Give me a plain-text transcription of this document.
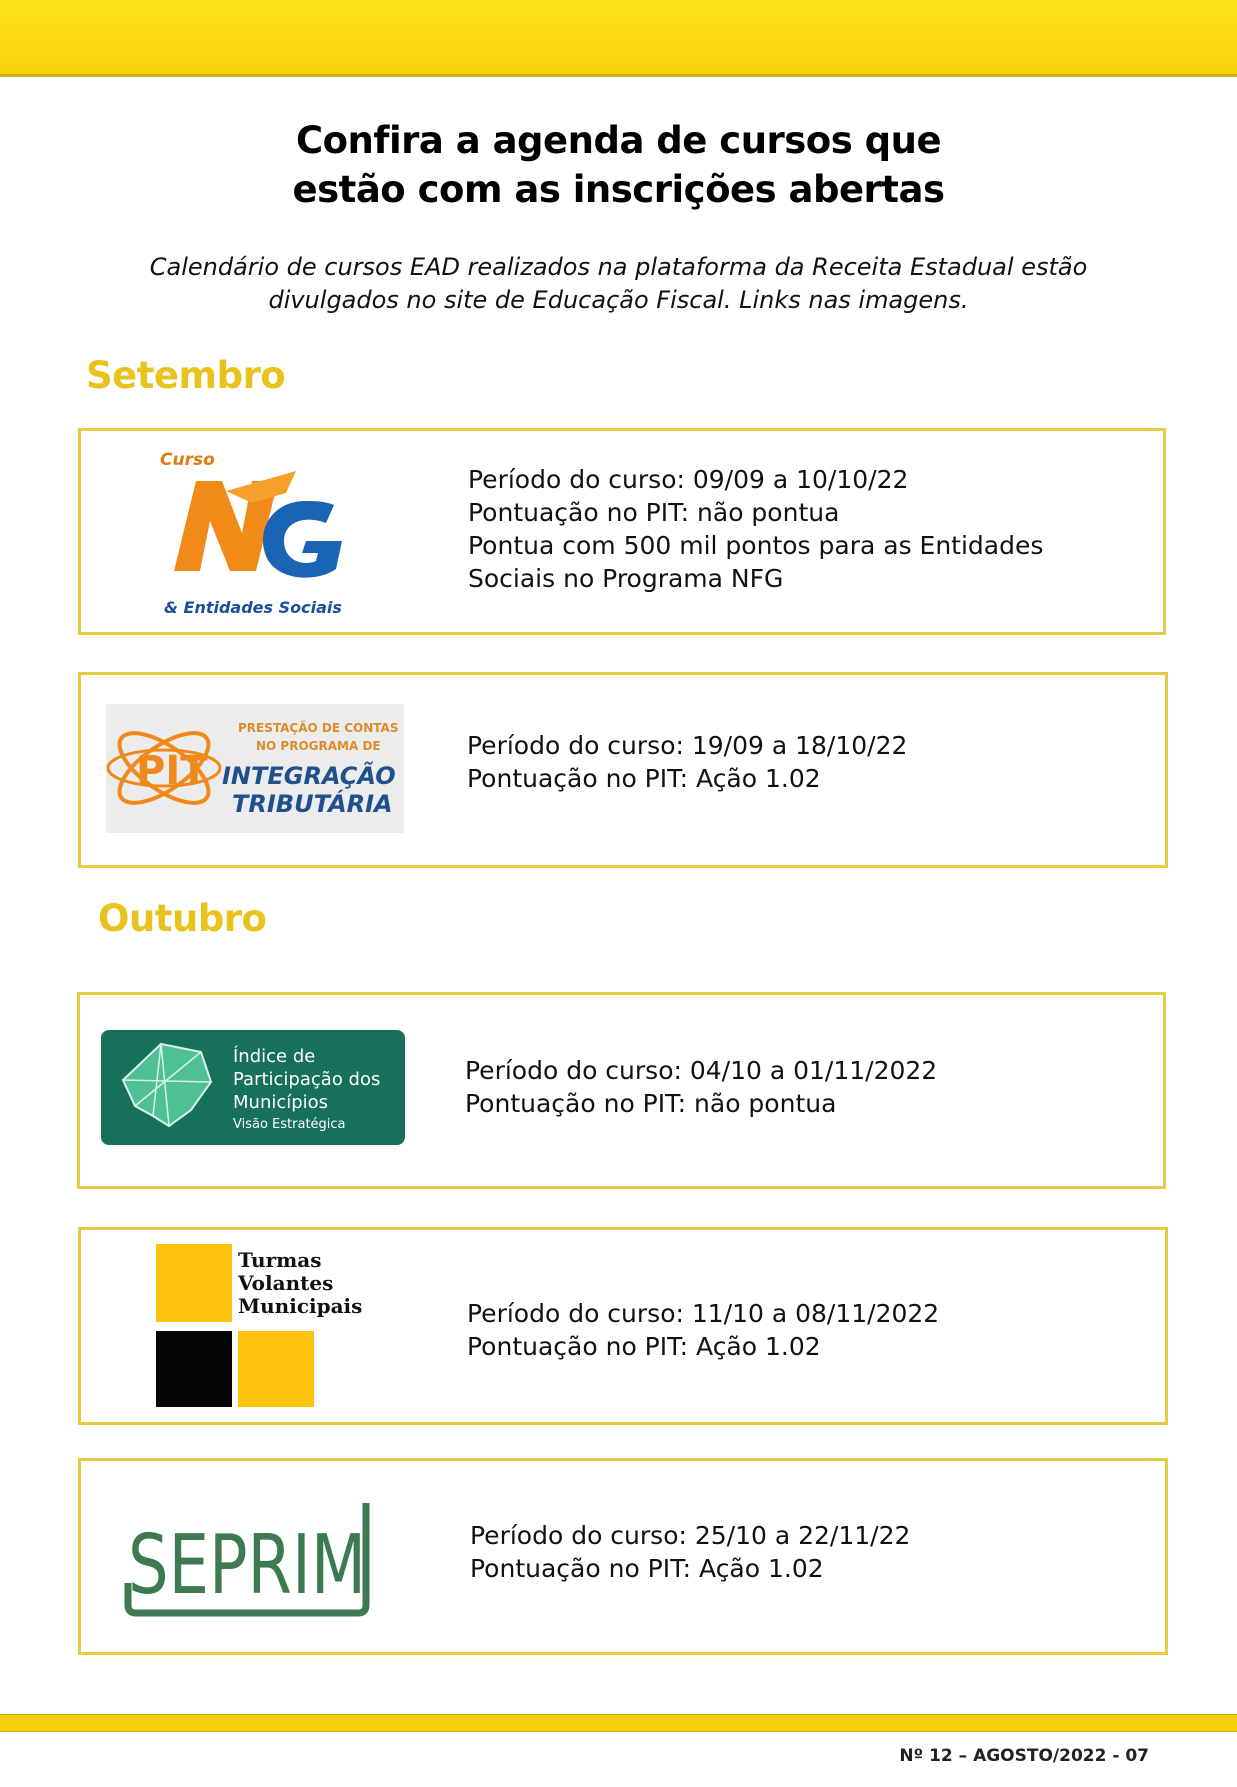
Confira a agenda de cursos que
estão com as inscrições abertas
Calendário de cursos EAD realizados na plataforma da Receita Estadual estão
divulgados no site de Educação Fiscal. Links nas imagens.
Setembro
Curso
& Entidades Sociais
Período do curso: 09/09 a 10/10/22
Pontuação no PIT: não pontua
Pontua com 500 mil pontos para as Entidades
Sociais no Programa NFG
PIT
PRESTAÇÃO DE CONTAS
NO PROGRAMA DE
INTEGRAÇÃO
TRIBUTÁRIA
Período do curso: 19/09 a 18/10/22
Pontuação no PIT: Ação 1.02
Outubro
Índice de
Participação dos
Municípios
Visão Estratégica
Período do curso: 04/10 a 01/11/2022
Pontuação no PIT: não pontua
Turmas
Volantes
Municipais	Período do curso: 11/10 a 08/11/2022
Pontuação no PIT: Ação 1.02
SEPRIM	Período do curso: 25/10 a 22/11/22
Pontuação no PIT: Ação 1.02
Nº 12 – AGOSTO/2022 - 07
